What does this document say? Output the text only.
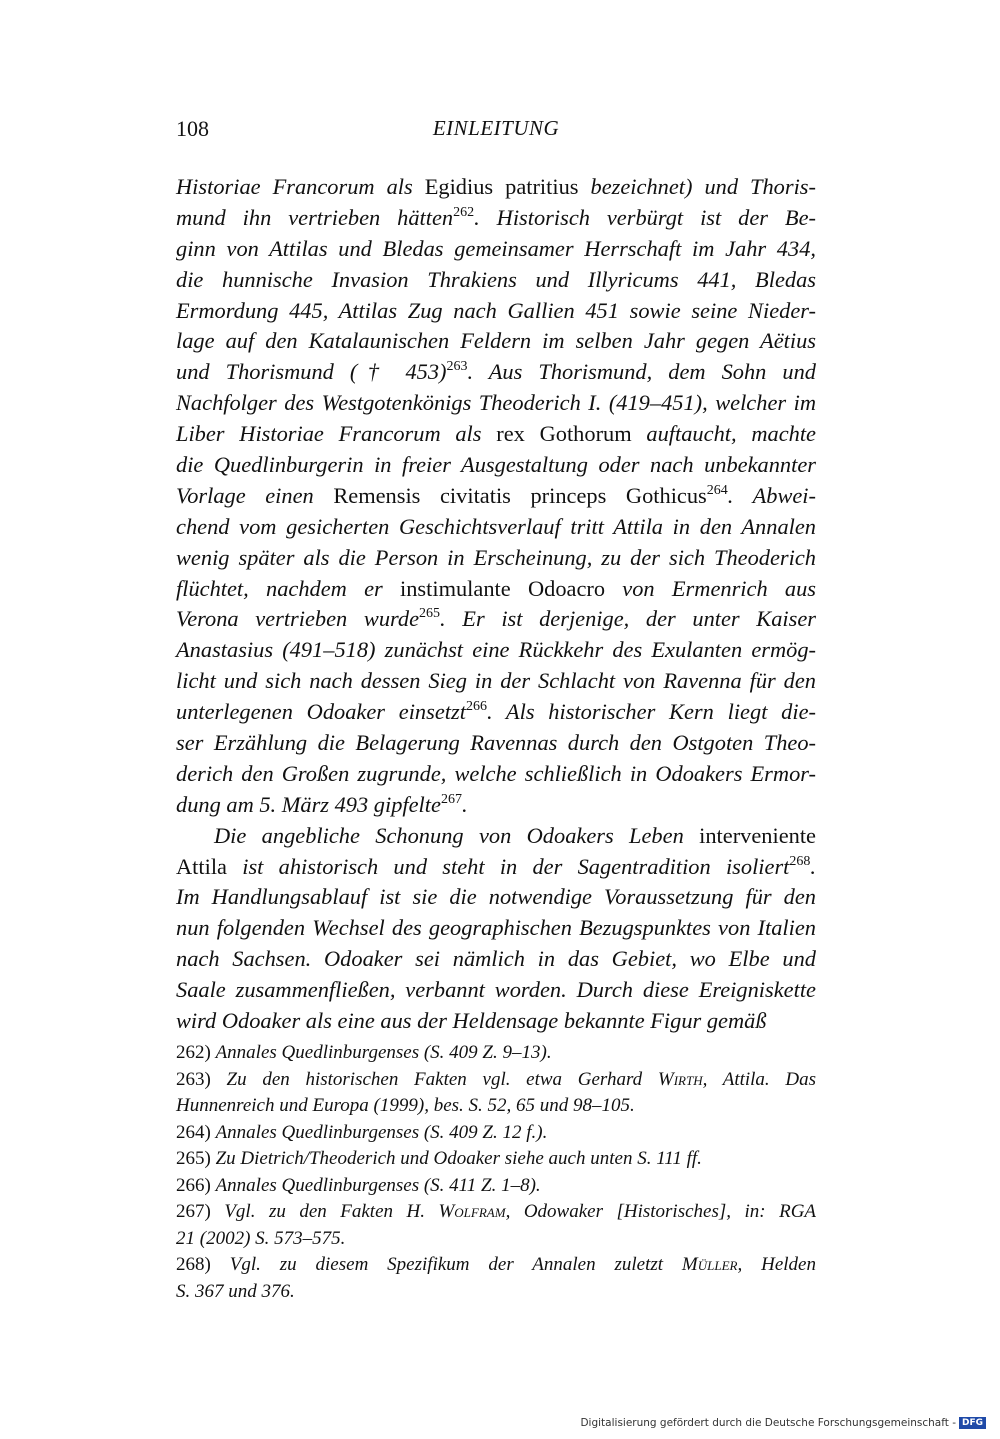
108	EINLEITUNG
Historiae Francorum als Egidius patritius bezeichnet) und Thoris-
mund ihn vertrieben hätten$^{262}$. Historisch verbürgt ist der Be-
ginn von Attilas und Bledas gemeinsamer Herrschaft im Jahr 434,
die hunnische Invasion Thrakiens und Illyricums 441, Bledas
Ermordung 445, Attilas Zug nach Gallien 451 sowie seine Nieder-
lage auf den Katalaunischen Feldern im selben Jahr gegen Aëtius
und Thorismund († 453)$^{263}$. Aus Thorismund, dem Sohn und
Nachfolger des Westgotenkönigs Theoderich I. (419–451), welcher im
Liber Historiae Francorum als rex Gothorum auftaucht, machte
die Quedlinburgerin in freier Ausgestaltung oder nach unbekannter
Vorlage einen Remensis civitatis princeps Gothicus$^{264}$. Abwei-
chend vom gesicherten Geschichtsverlauf tritt Attila in den Annalen
wenig später als die Person in Erscheinung, zu der sich Theoderich
flüchtet, nachdem er instimulante Odoacro von Ermenrich aus
Verona vertrieben wurde$^{265}$. Er ist derjenige, der unter Kaiser
Anastasius (491–518) zunächst eine Rückkehr des Exulanten ermög-
licht und sich nach dessen Sieg in der Schlacht von Ravenna für den
unterlegenen Odoaker einsetzt$^{266}$. Als historischer Kern liegt die-
ser Erzählung die Belagerung Ravennas durch den Ostgoten Theo-
derich den Großen zugrunde, welche schließlich in Odoakers Ermor-
dung am 5. März 493 gipfelte$^{267}$.
Die angebliche Schonung von Odoakers Leben interveniente
Attila ist ahistorisch und steht in der Sagentradition isoliert$^{268}$.
Im Handlungsablauf ist sie die notwendige Voraussetzung für den
nun folgenden Wechsel des geographischen Bezugspunktes von Italien
nach Sachsen. Odoaker sei nämlich in das Gebiet, wo Elbe und
Saale zusammenfließen, verbannt worden. Durch diese Ereigniskette
wird Odoaker als eine aus der Heldensage bekannte Figur gemäß
262) Annales Quedlinburgenses (S. 409 Z. 9–13).
263) Zu den historischen Fakten vgl. etwa Gerhard Wirth, Attila. Das
Hunnenreich und Europa (1999), bes. S. 52, 65 und 98–105.
264) Annales Quedlinburgenses (S. 409 Z. 12 f.).
265) Zu Dietrich/Theoderich und Odoaker siehe auch unten S. 111 ff.
266) Annales Quedlinburgenses (S. 411 Z. 1–8).
267) Vgl. zu den Fakten H. Wolfram, Odowaker [Historisches], in: RGA
21 (2002) S. 573–575.
268) Vgl. zu diesem Spezifikum der Annalen zuletzt Müller, Helden
S. 367 und 376.
Digitalisierung gefördert durch die Deutsche Forschungsgemeinschaft - DFG
